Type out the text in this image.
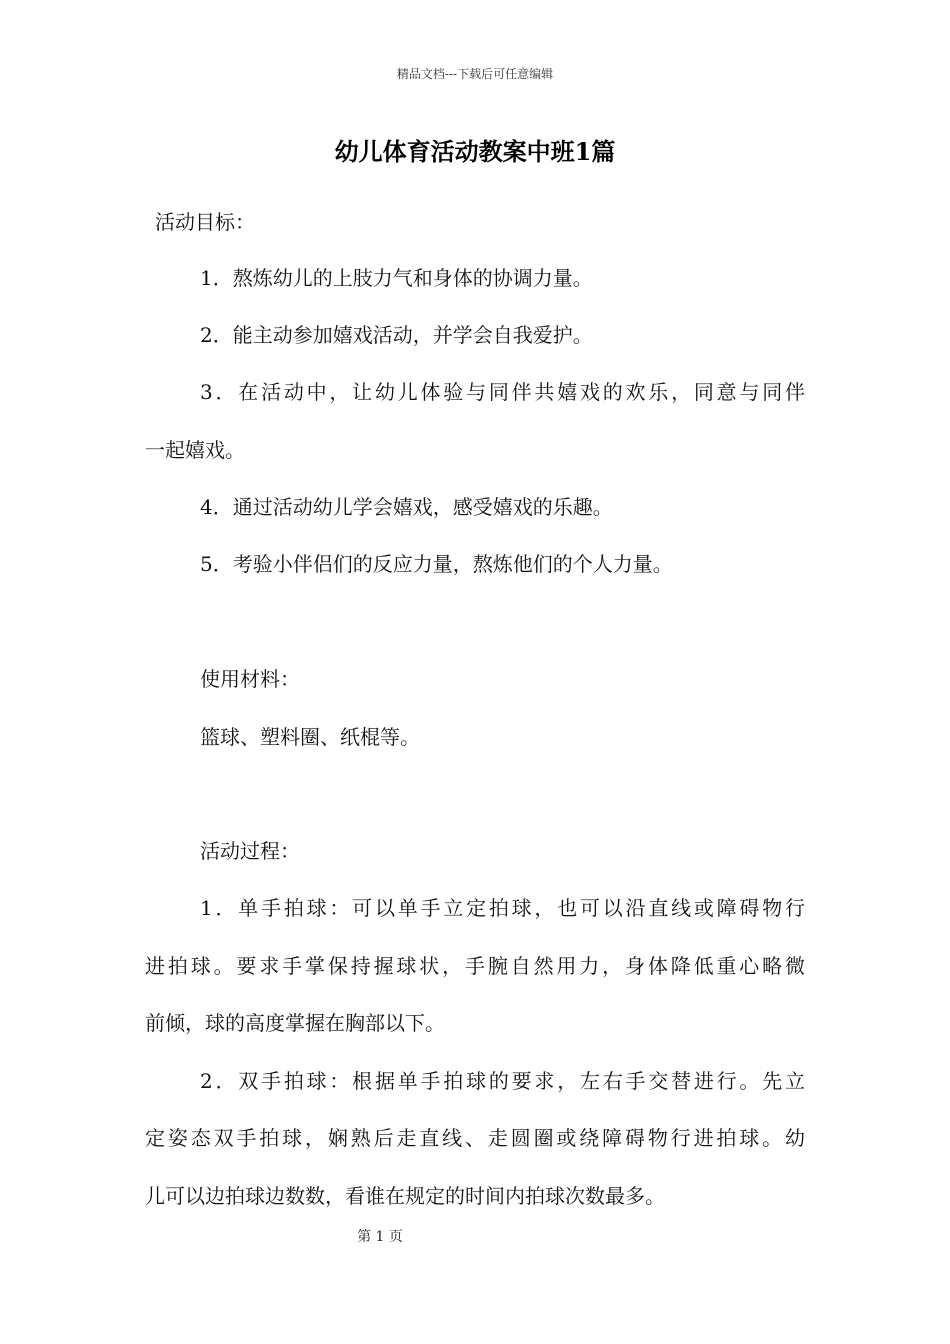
精品文档---下载后可任意编辑
幼儿体育活动教案中班1篇
活动目标：
1．熬炼幼儿的上肢力气和身体的协调力量。
2．能主动参加嬉戏活动，并学会自我爱护。
3．在活动中，让幼儿体验与同伴共嬉戏的欢乐，同意与同伴
一起嬉戏。
4．通过活动幼儿学会嬉戏，感受嬉戏的乐趣。
5．考验小伴侣们的反应力量，熬炼他们的个人力量。
使用材料：
篮球、塑料圈、纸棍等。
活动过程：
1．单手拍球：可以单手立定拍球，也可以沿直线或障碍物行
进拍球。要求手掌保持握球状，手腕自然用力，身体降低重心略微
前倾，球的高度掌握在胸部以下。
2．双手拍球：根据单手拍球的要求，左右手交替进行。先立
定姿态双手拍球，娴熟后走直线、走圆圈或绕障碍物行进拍球。幼
儿可以边拍球边数数，看谁在规定的时间内拍球次数最多。
第 1 页
